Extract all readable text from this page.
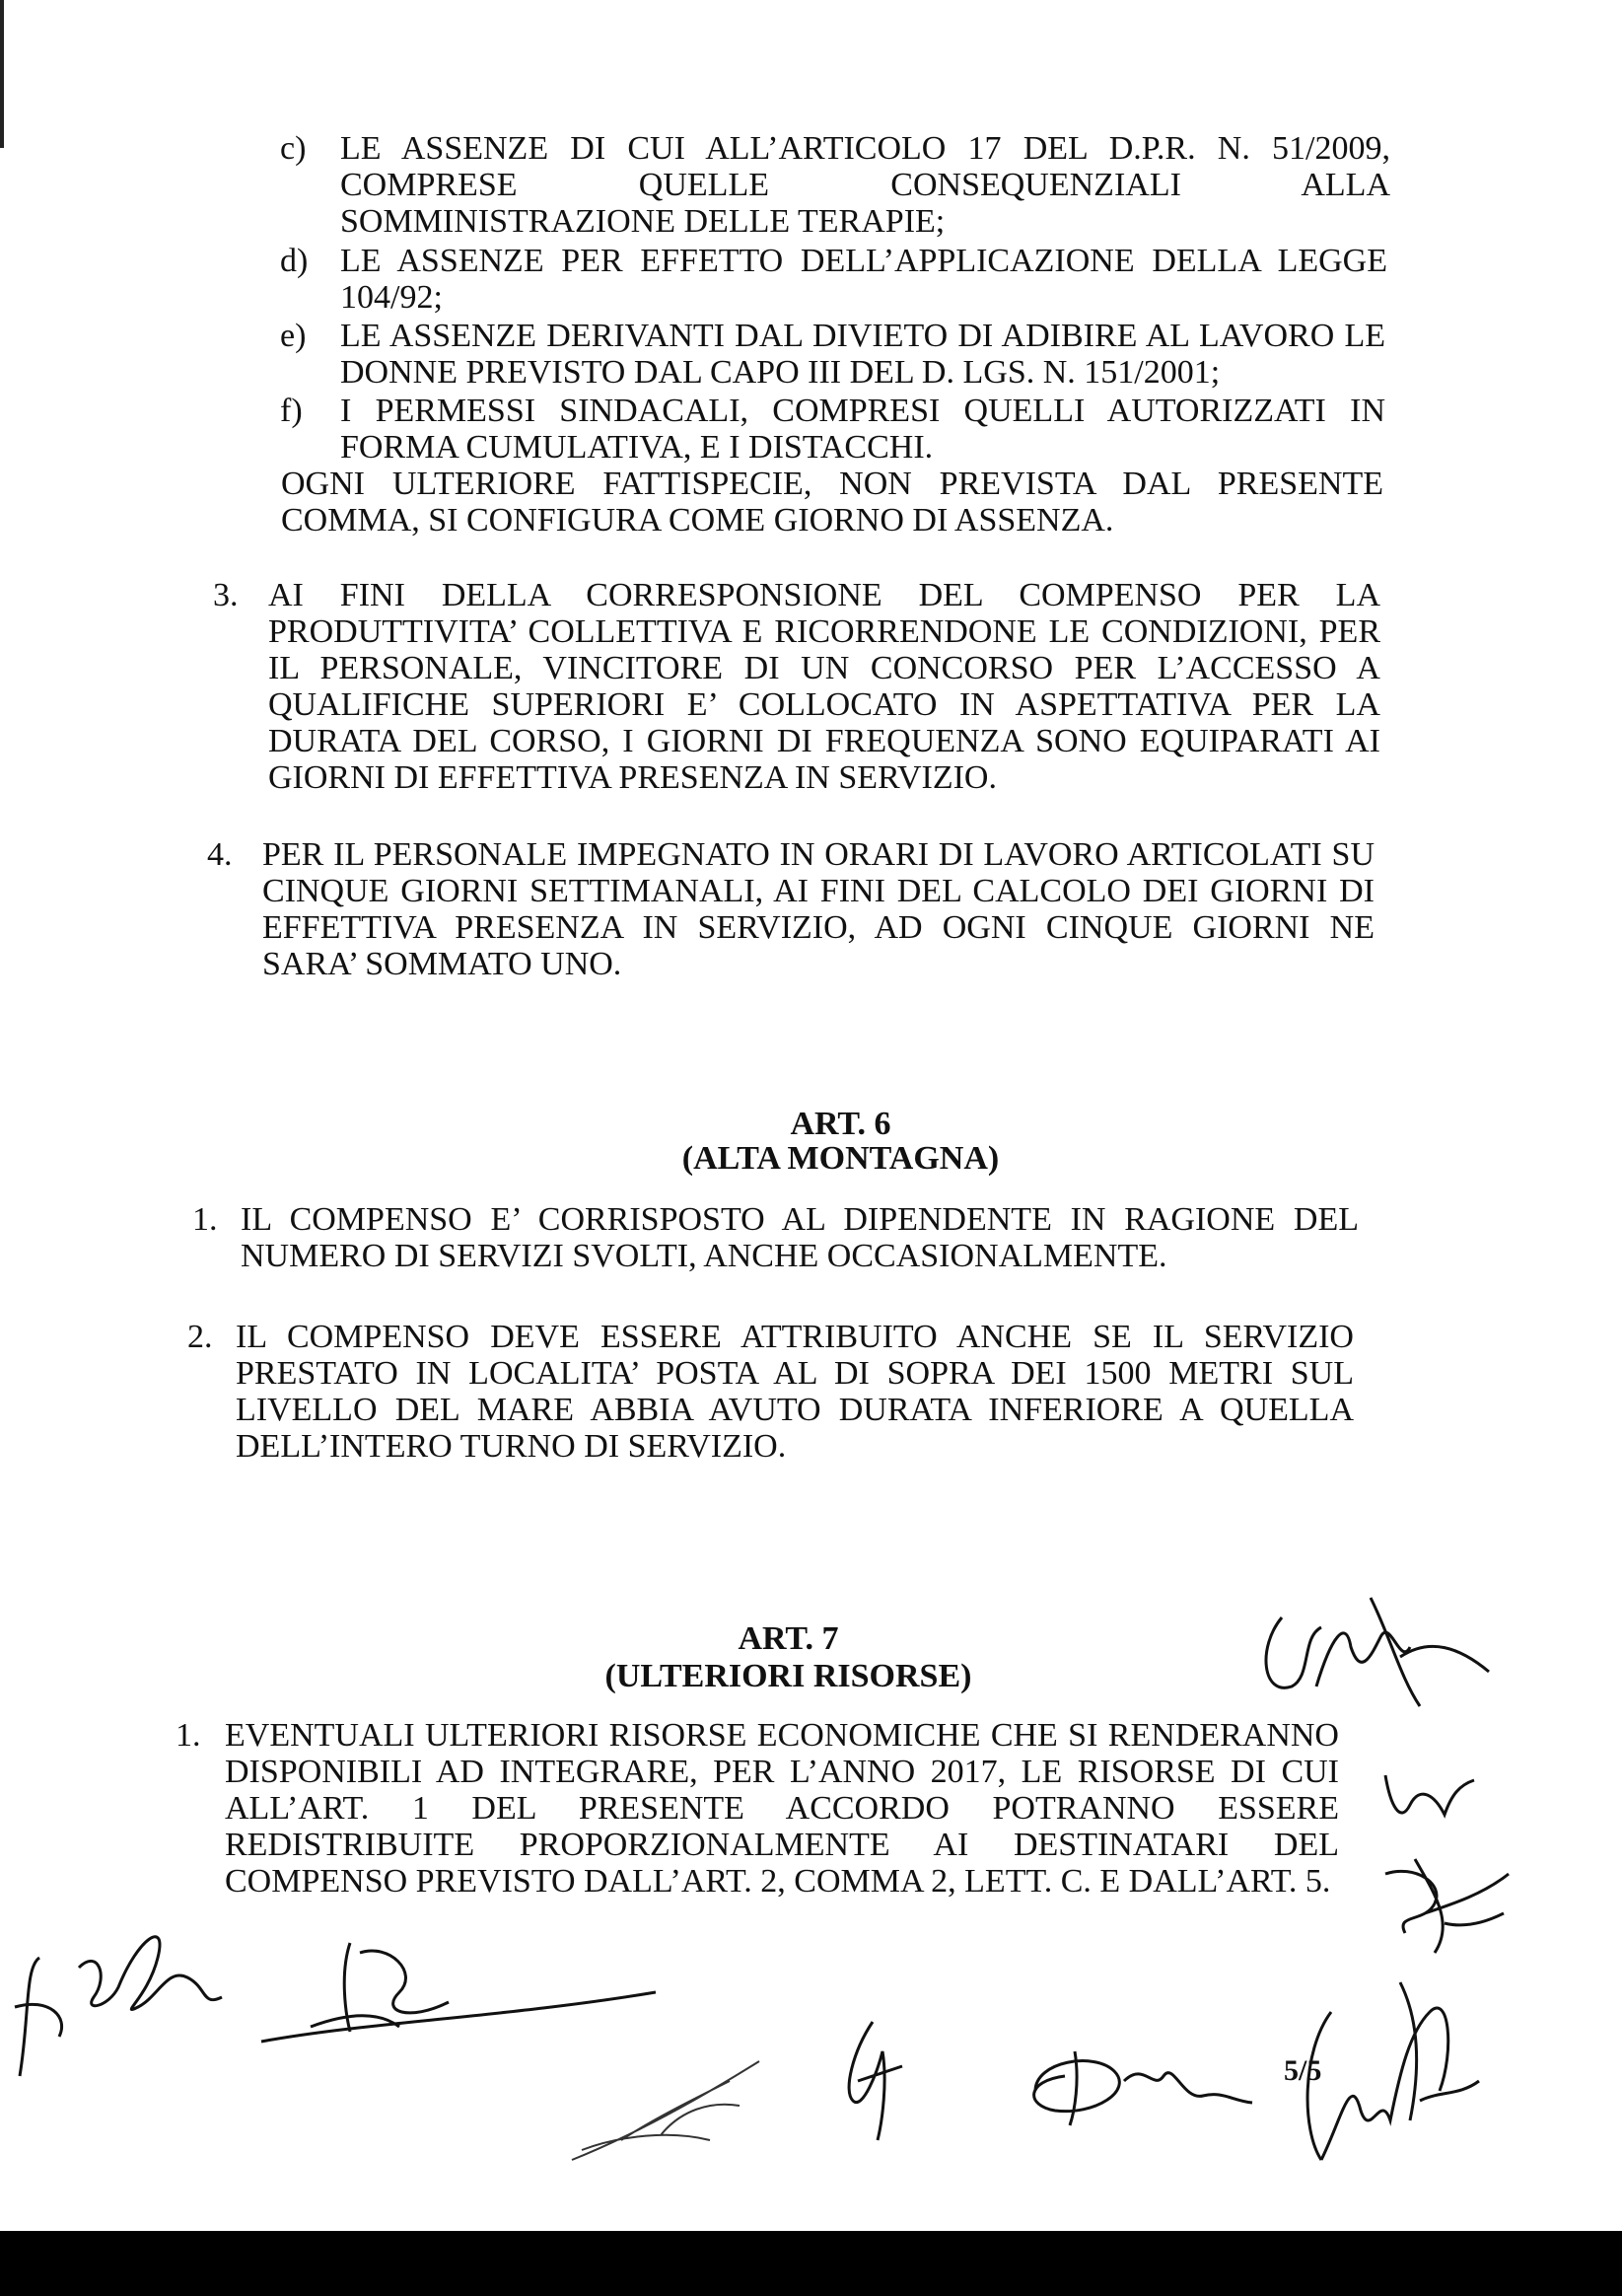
c) LE ASSENZE DI CUI ALL’ARTICOLO 17 DEL D.P.R. N. 51/2009, COMPRESE QUELLE CONSEQUENZIALI ALLA SOMMINISTRAZIONE DELLE TERAPIE;
d) LE ASSENZE PER EFFETTO DELL’APPLICAZIONE DELLA LEGGE 104/92;
e) LE ASSENZE DERIVANTI DAL DIVIETO DI ADIBIRE AL LAVORO LE DONNE PREVISTO DAL CAPO III DEL D. LGS. N. 151/2001;
f) I PERMESSI SINDACALI, COMPRESI QUELLI AUTORIZZATI IN FORMA CUMULATIVA, E I DISTACCHI.
OGNI ULTERIORE FATTISPECIE, NON PREVISTA DAL PRESENTE COMMA, SI CONFIGURA COME GIORNO DI ASSENZA.
3. AI FINI DELLA CORRESPONSIONE DEL COMPENSO PER LA PRODUTTIVITA’ COLLETTIVA E RICORRENDONE LE CONDIZIONI, PER IL PERSONALE, VINCITORE DI UN CONCORSO PER L’ACCESSO A QUALIFICHE SUPERIORI E’ COLLOCATO IN ASPETTATIVA PER LA DURATA DEL CORSO, I GIORNI DI FREQUENZA SONO EQUIPARATI AI GIORNI DI EFFETTIVA PRESENZA IN SERVIZIO.
4. PER IL PERSONALE IMPEGNATO IN ORARI DI LAVORO ARTICOLATI SU CINQUE GIORNI SETTIMANALI, AI FINI DEL CALCOLO DEI GIORNI DI EFFETTIVA PRESENZA IN SERVIZIO, AD OGNI CINQUE GIORNI NE SARA’ SOMMATO UNO.
ART. 6
(ALTA MONTAGNA)
1. IL COMPENSO E’ CORRISPOSTO AL DIPENDENTE IN RAGIONE DEL NUMERO DI SERVIZI SVOLTI, ANCHE OCCASIONALMENTE.
2. IL COMPENSO DEVE ESSERE ATTRIBUITO ANCHE SE IL SERVIZIO PRESTATO IN LOCALITA’ POSTA AL DI SOPRA DEI 1500 METRI SUL LIVELLO DEL MARE ABBIA AVUTO DURATA INFERIORE A QUELLA DELL’INTERO TURNO DI SERVIZIO.
ART. 7
(ULTERIORI RISORSE)
1. EVENTUALI ULTERIORI RISORSE ECONOMICHE CHE SI RENDERANNO DISPONIBILI AD INTEGRARE, PER L’ANNO 2017, LE RISORSE DI CUI ALL’ART. 1 DEL PRESENTE ACCORDO POTRANNO ESSERE REDISTRIBUITE PROPORZIONALMENTE AI DESTINATARI DEL COMPENSO PREVISTO DALL’ART. 2, COMMA 2, LETT. C. E DALL’ART. 5.
5/5
